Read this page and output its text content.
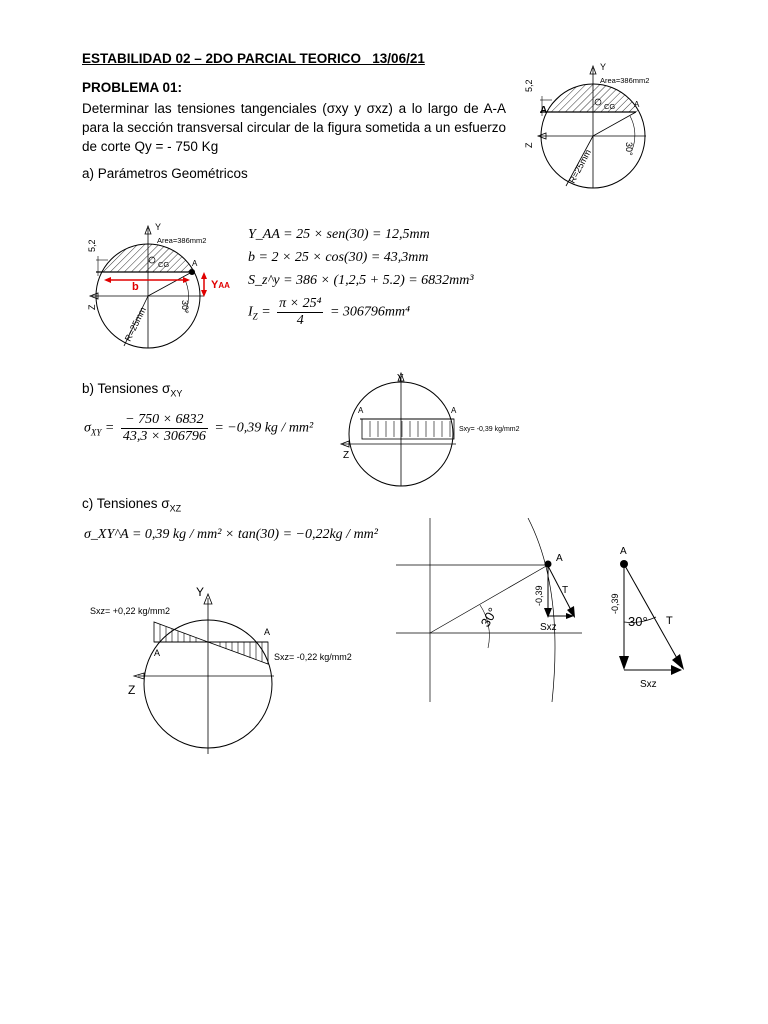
ESTABILIDAD 02 – 2DO PARCIAL TEORICO   13/06/21
PROBLEMA 01:
Determinar las tensiones tangenciales (σxy y σxz) a lo largo de A-A para la sección transversal circular de la figura sometida a un esfuerzo de corte Qy = - 750 Kg
Y
Area=386mm2
CG
A
A
5,2
Z
R=25mm	30°
a) Parámetros Geométricos
Y
Area=386mm2
CG	A
b	YAA
5,2
Z	R=25mm	30°
Y_AA = 25 × sen(30) = 12,5mm
b = 2 × 25 × cos(30) = 43,3mm
S_z^y = 386 × (1,2,5 + 5.2) = 6832mm³
$I_Z = \frac{\text{π × 25⁴}}{4} = 306796mm^4$
b) Tensiones $\sigma_{XY}$
$\sigma_{XY} = \frac{- 750 \times 6832}{43,3 \times 306796} = -0,39$ kg / mm²
Y
Z
A	A
Sxy= -0,39 kg/mm2
c) Tensiones $\sigma_{XZ}$
σ_XY^A = 0,39 kg / mm² × tan(30) = −0,22kg / mm²
Y
Z
A
A
Sxz= +0,22 kg/mm2
Sxz= -0,22 kg/mm2
A
T
Sxz
-0,39
30°
A
T
Sxz
-0,39
30°
